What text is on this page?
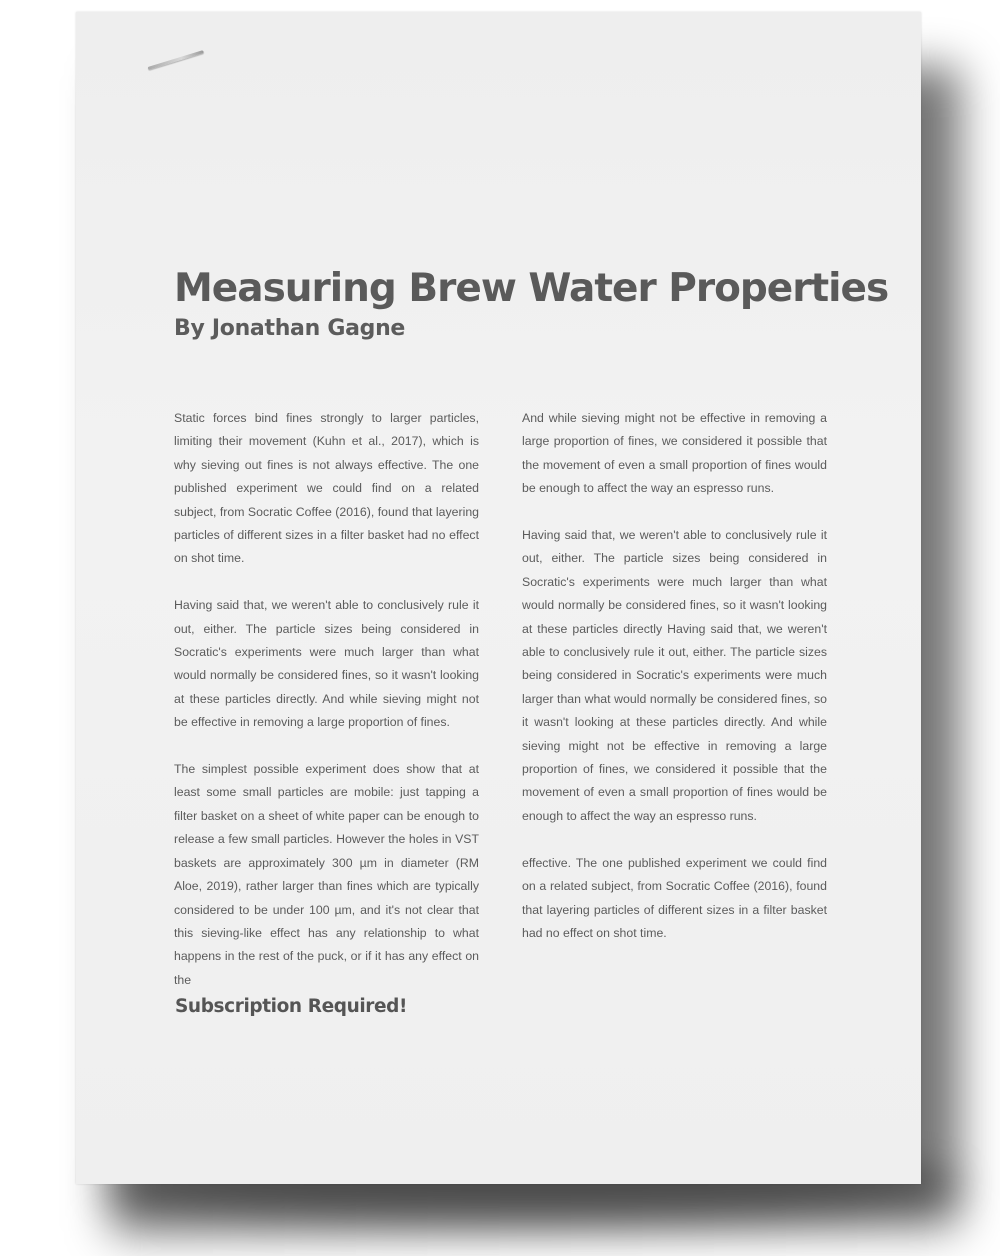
Measuring Brew Water Properties
By Jonathan Gagne

Static forces bind fines strongly to larger particles, limiting their movement (Kuhn et al., 2017), which is why sieving out fines is not always effective. The one published experiment we could find on a related subject, from Socratic Coffee (2016), found that layering particles of different sizes in a filter basket had no effect on shot time.

Having said that, we weren't able to conclusively rule it out, either. The particle sizes being considered in Socratic's experiments were much larger than what would normally be considered fines, so it wasn't looking at these particles directly. And while sieving might not be effective in removing a large proportion of fines.

The simplest possible experiment does show that at least some small particles are mobile: just tapping a filter basket on a sheet of white paper can be enough to release a few small particles. However the holes in VST baskets are approximately 300 µm in diameter (RM Aloe, 2019), rather larger than fines which are typically considered to be under 100 µm, and it's not clear that this sieving-like effect has any relationship to what happens in the rest of the puck, or if it has any effect on the

And while sieving might not be effective in removing a large proportion of fines, we considered it possible that the movement of even a small proportion of fines would be enough to affect the way an espresso runs.

Having said that, we weren't able to conclusively rule it out, either. The particle sizes being considered in Socratic's experiments were much larger than what would normally be considered fines, so it wasn't looking at these particles directly Having said that, we weren't able to conclusively rule it out, either. The particle sizes being considered in Socratic's experiments were much larger than what would normally be considered fines, so it wasn't looking at these particles directly. And while sieving might not be effective in removing a large proportion of fines, we considered it possible that the movement of even a small proportion of fines would be enough to affect the way an espresso runs.

effective. The one published experiment we could find on a related subject, from Socratic Coffee (2016), found that layering particles of different sizes in a filter basket had no effect on shot time.

Subscription Required!
